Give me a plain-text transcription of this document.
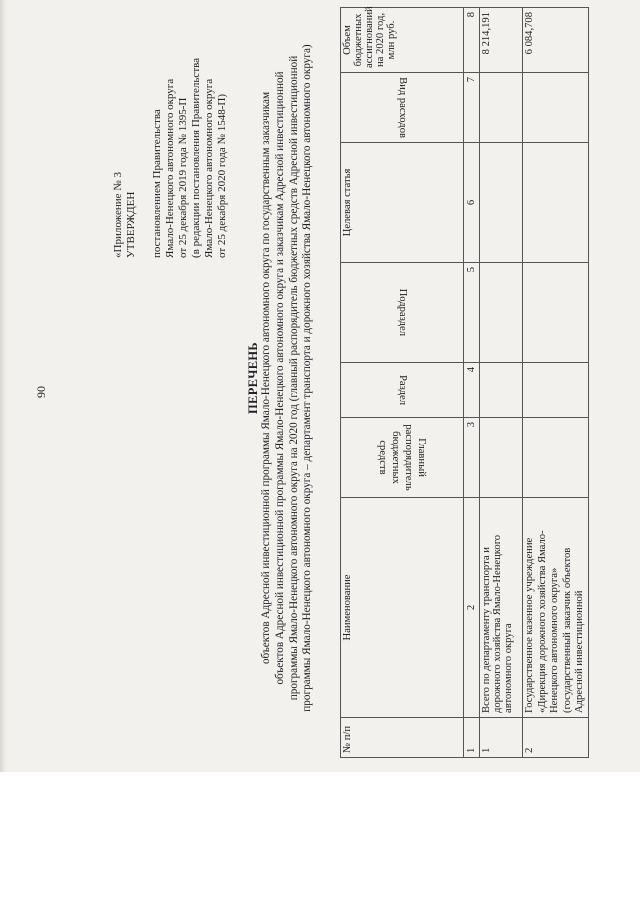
90
«Приложение № 3 УТВЕРЖДЕН постановлением Правительства Ямало-Ненецкого автономного округа от 25 декабря 2019 года № 1395-П (в редакции постановления Правительства Ямало-Ненецкого автономного округа от 25 декабря 2020 года № 1548-П)
ПЕРЕЧЕНЬ объектов Адресной инвестиционной программы Ямало-Ненецкого автономного округа по государственным заказчикам объектов Адресной инвестиционной программы Ямало-Ненецкого автономного округа и заказчикам Адресной инвестиционной программы Ямало-Ненецкого автономного округа на 2020 год (главный распорядитель бюджетных средств Адресной инвестиционной программы Ямало-Ненецкого автономного округа – департамент транспорта и дорожного хозяйства Ямало-Ненецкого автономного округа)
№ п/п	Наименование	Главный распорядитель бюджетных средств	Раздел	Подраздел	Целевая статья	Вид расходов	Объем бюджетных ассигнований на 2020 год, млн руб.
1	2	3	4	5	6	7	8
1	Всего по департаменту транспорта и дорожного хозяйства Ямало-Ненецкого автономного округа						8 214,191
2	Государственное казенное учреждение «Дирекция дорожного хозяйства Ямало-Ненецкого автономного округа» (государственный заказчик объектов Адресной инвестиционной						6 084,708
